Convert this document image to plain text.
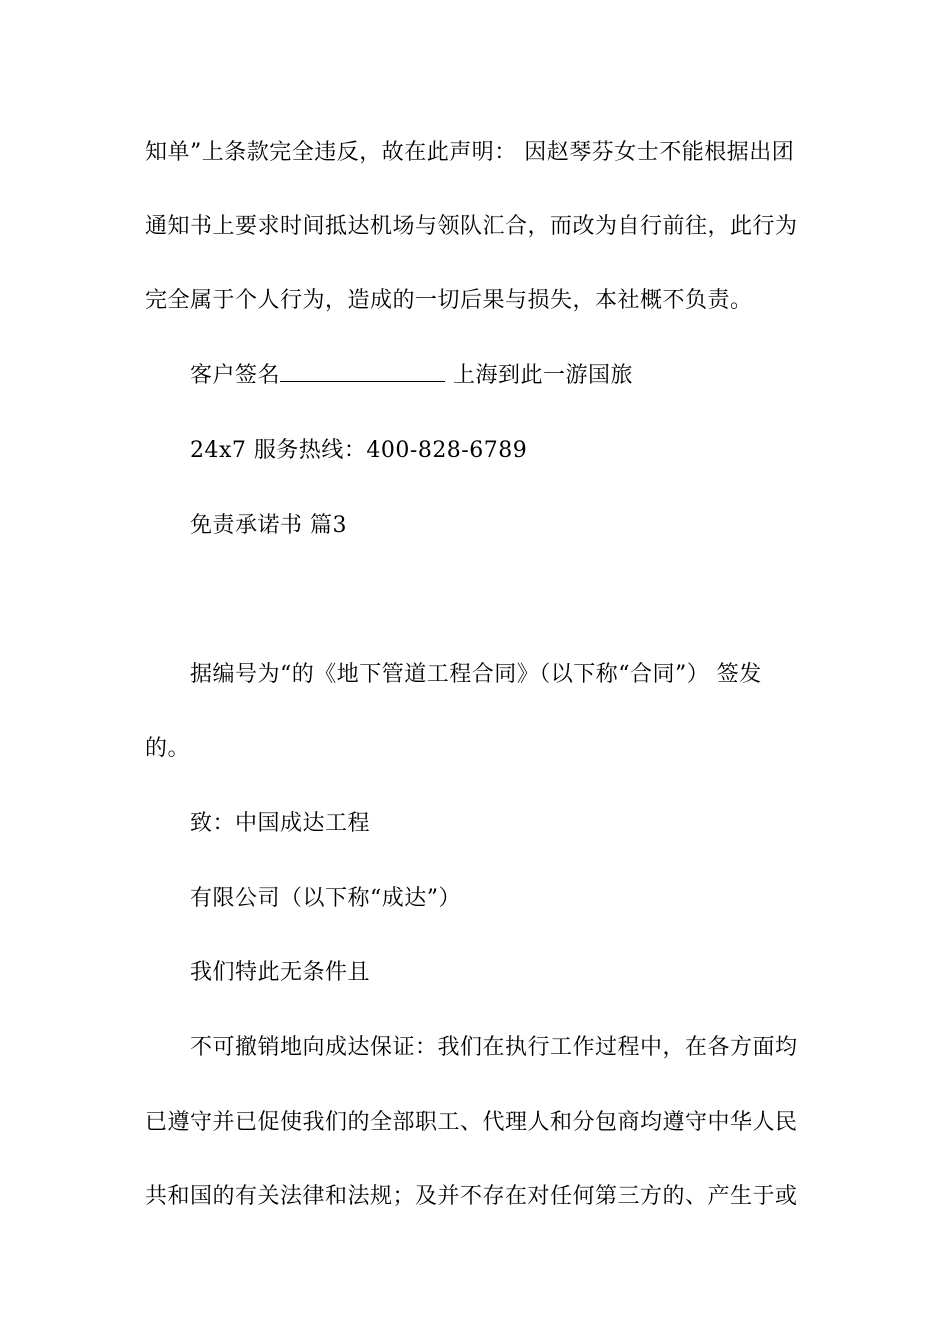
知单”上条款完全违反，故在此声明： 因赵琴芬女士不能根据出团
通知书上要求时间抵达机场与领队汇合，而改为自行前往，此行为
完全属于个人行为，造成的一切后果与损失，本社概不负责。
客户签名	上海到此一游国旅
24x7 服务热线：400-828-6789
免责承诺书 篇3
据编号为“的《地下管道工程合同》（以下称“合同”） 签发
的。
致：中国成达工程
有限公司（以下称“成达”）
我们特此无条件且
不可撤销地向成达保证：我们在执行工作过程中，在各方面均
已遵守并已促使我们的全部职工、代理人和分包商均遵守中华人民
共和国的有关法律和法规；及并不存在对任何第三方的、产生于或
